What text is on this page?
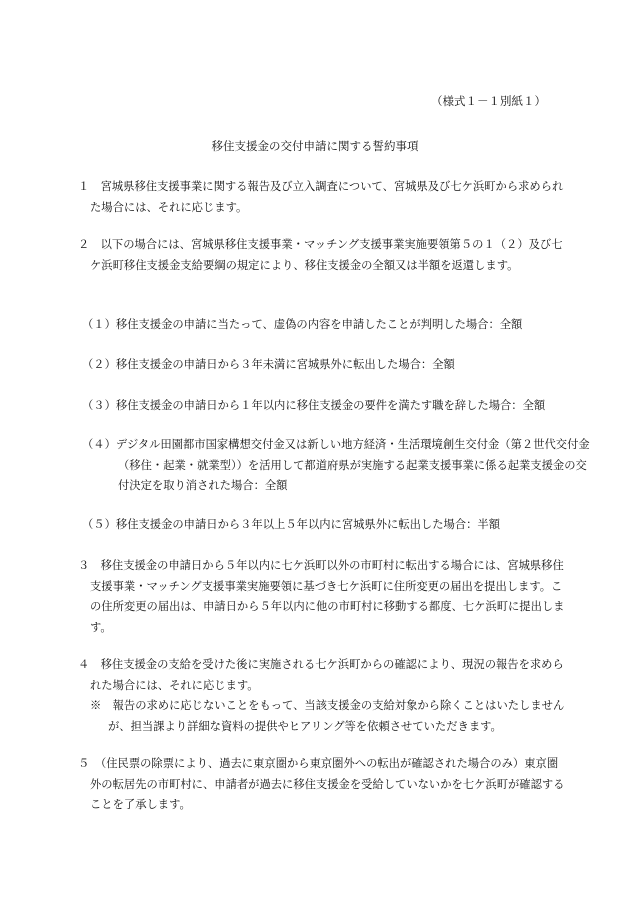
（様式１－１別紙１）
移住支援金の交付申請に関する誓約事項
１　宮城県移住支援事業に関する報告及び立入調査について、宮城県及び七ケ浜町から求められた場合には、それに応じます。
２　以下の場合には、宮城県移住支援事業・マッチング支援事業実施要領第５の１（２）及び七ケ浜町移住支援金支給要綱の規定により、移住支援金の全額又は半額を返還します。
（１）移住支援金の申請に当たって、虚偽の内容を申請したことが判明した場合：全額
（２）移住支援金の申請日から３年未満に宮城県外に転出した場合：全額
（３）移住支援金の申請日から１年以内に移住支援金の要件を満たす職を辞した場合：全額
（４）デジタル田園都市国家構想交付金又は新しい地方経済・生活環境創生交付金（第２世代交付金（移住・起業・就業型））を活用して都道府県が実施する起業支援事業に係る起業支援金の交付決定を取り消された場合：全額
（５）移住支援金の申請日から３年以上５年以内に宮城県外に転出した場合：半額
３　移住支援金の申請日から５年以内に七ケ浜町以外の市町村に転出する場合には、宮城県移住支援事業・マッチング支援事業実施要領に基づき七ケ浜町に住所変更の届出を提出します。この住所変更の届出は、申請日から５年以内に他の市町村に移動する都度、七ケ浜町に提出します。
４　移住支援金の支給を受けた後に実施される七ケ浜町からの確認により、現況の報告を求められた場合には、それに応じます。
※　報告の求めに応じないことをもって、当該支援金の支給対象から除くことはいたしませんが、担当課より詳細な資料の提供やヒアリング等を依頼させていただきます。
５　（住民票の除票により、過去に東京圏から東京圏外への転出が確認された場合のみ）東京圏外の転居先の市町村に、申請者が過去に移住支援金を受給していないかを七ケ浜町が確認することを了承します。
